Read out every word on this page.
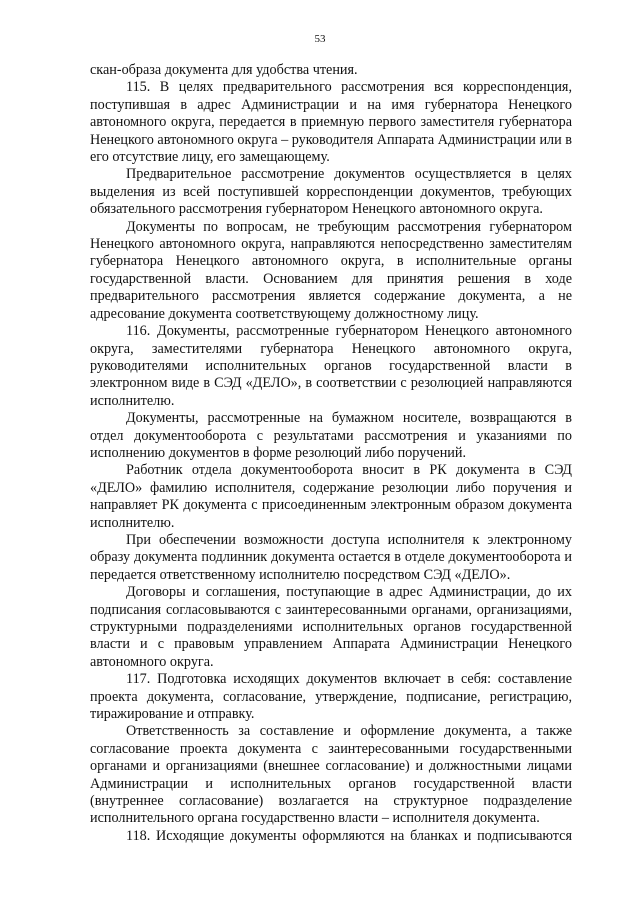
53

скан-образа документа для удобства чтения.

115. В целях предварительного рассмотрения вся корреспонденция, поступившая в адрес Администрации и на имя губернатора Ненецкого автономного округа, передается в приемную первого заместителя губернатора Ненецкого автономного округа – руководителя Аппарата Администрации или в его отсутствие лицу, его замещающему.

Предварительное рассмотрение документов осуществляется в целях выделения из всей поступившей корреспонденции документов, требующих обязательного рассмотрения губернатором Ненецкого автономного округа.

Документы по вопросам, не требующим рассмотрения губернатором Ненецкого автономного округа, направляются непосредственно заместителям губернатора Ненецкого автономного округа, в исполнительные органы государственной власти. Основанием для принятия решения в ходе предварительного рассмотрения является содержание документа, а не адресование документа соответствующему должностному лицу.

116. Документы, рассмотренные губернатором Ненецкого автономного округа, заместителями губернатора Ненецкого автономного округа, руководителями исполнительных органов государственной власти в электронном виде в СЭД «ДЕЛО», в соответствии с резолюцией направляются исполнителю.

Документы, рассмотренные на бумажном носителе, возвращаются в отдел документооборота с результатами рассмотрения и указаниями по исполнению документов в форме резолюций либо поручений.

Работник отдела документооборота вносит в РК документа в СЭД «ДЕЛО» фамилию исполнителя, содержание резолюции либо поручения и направляет РК документа с присоединенным электронным образом документа исполнителю.

При обеспечении возможности доступа исполнителя к электронному образу документа подлинник документа остается в отделе документооборота и передается ответственному исполнителю посредством СЭД «ДЕЛО».

Договоры и соглашения, поступающие в адрес Администрации, до их подписания согласовываются с заинтересованными органами, организациями, структурными подразделениями исполнительных органов государственной власти и с правовым управлением Аппарата Администрации Ненецкого автономного округа.

117. Подготовка исходящих документов включает в себя: составление проекта документа, согласование, утверждение, подписание, регистрацию, тиражирование и отправку.

Ответственность за составление и оформление документа, а также согласование проекта документа с заинтересованными государственными органами и организациями (внешнее согласование) и должностными лицами Администрации и исполнительных органов государственной власти (внутреннее согласование) возлагается на структурное подразделение исполнительного органа государственно власти – исполнителя документа.

118. Исходящие документы оформляются на бланках и подписываются
